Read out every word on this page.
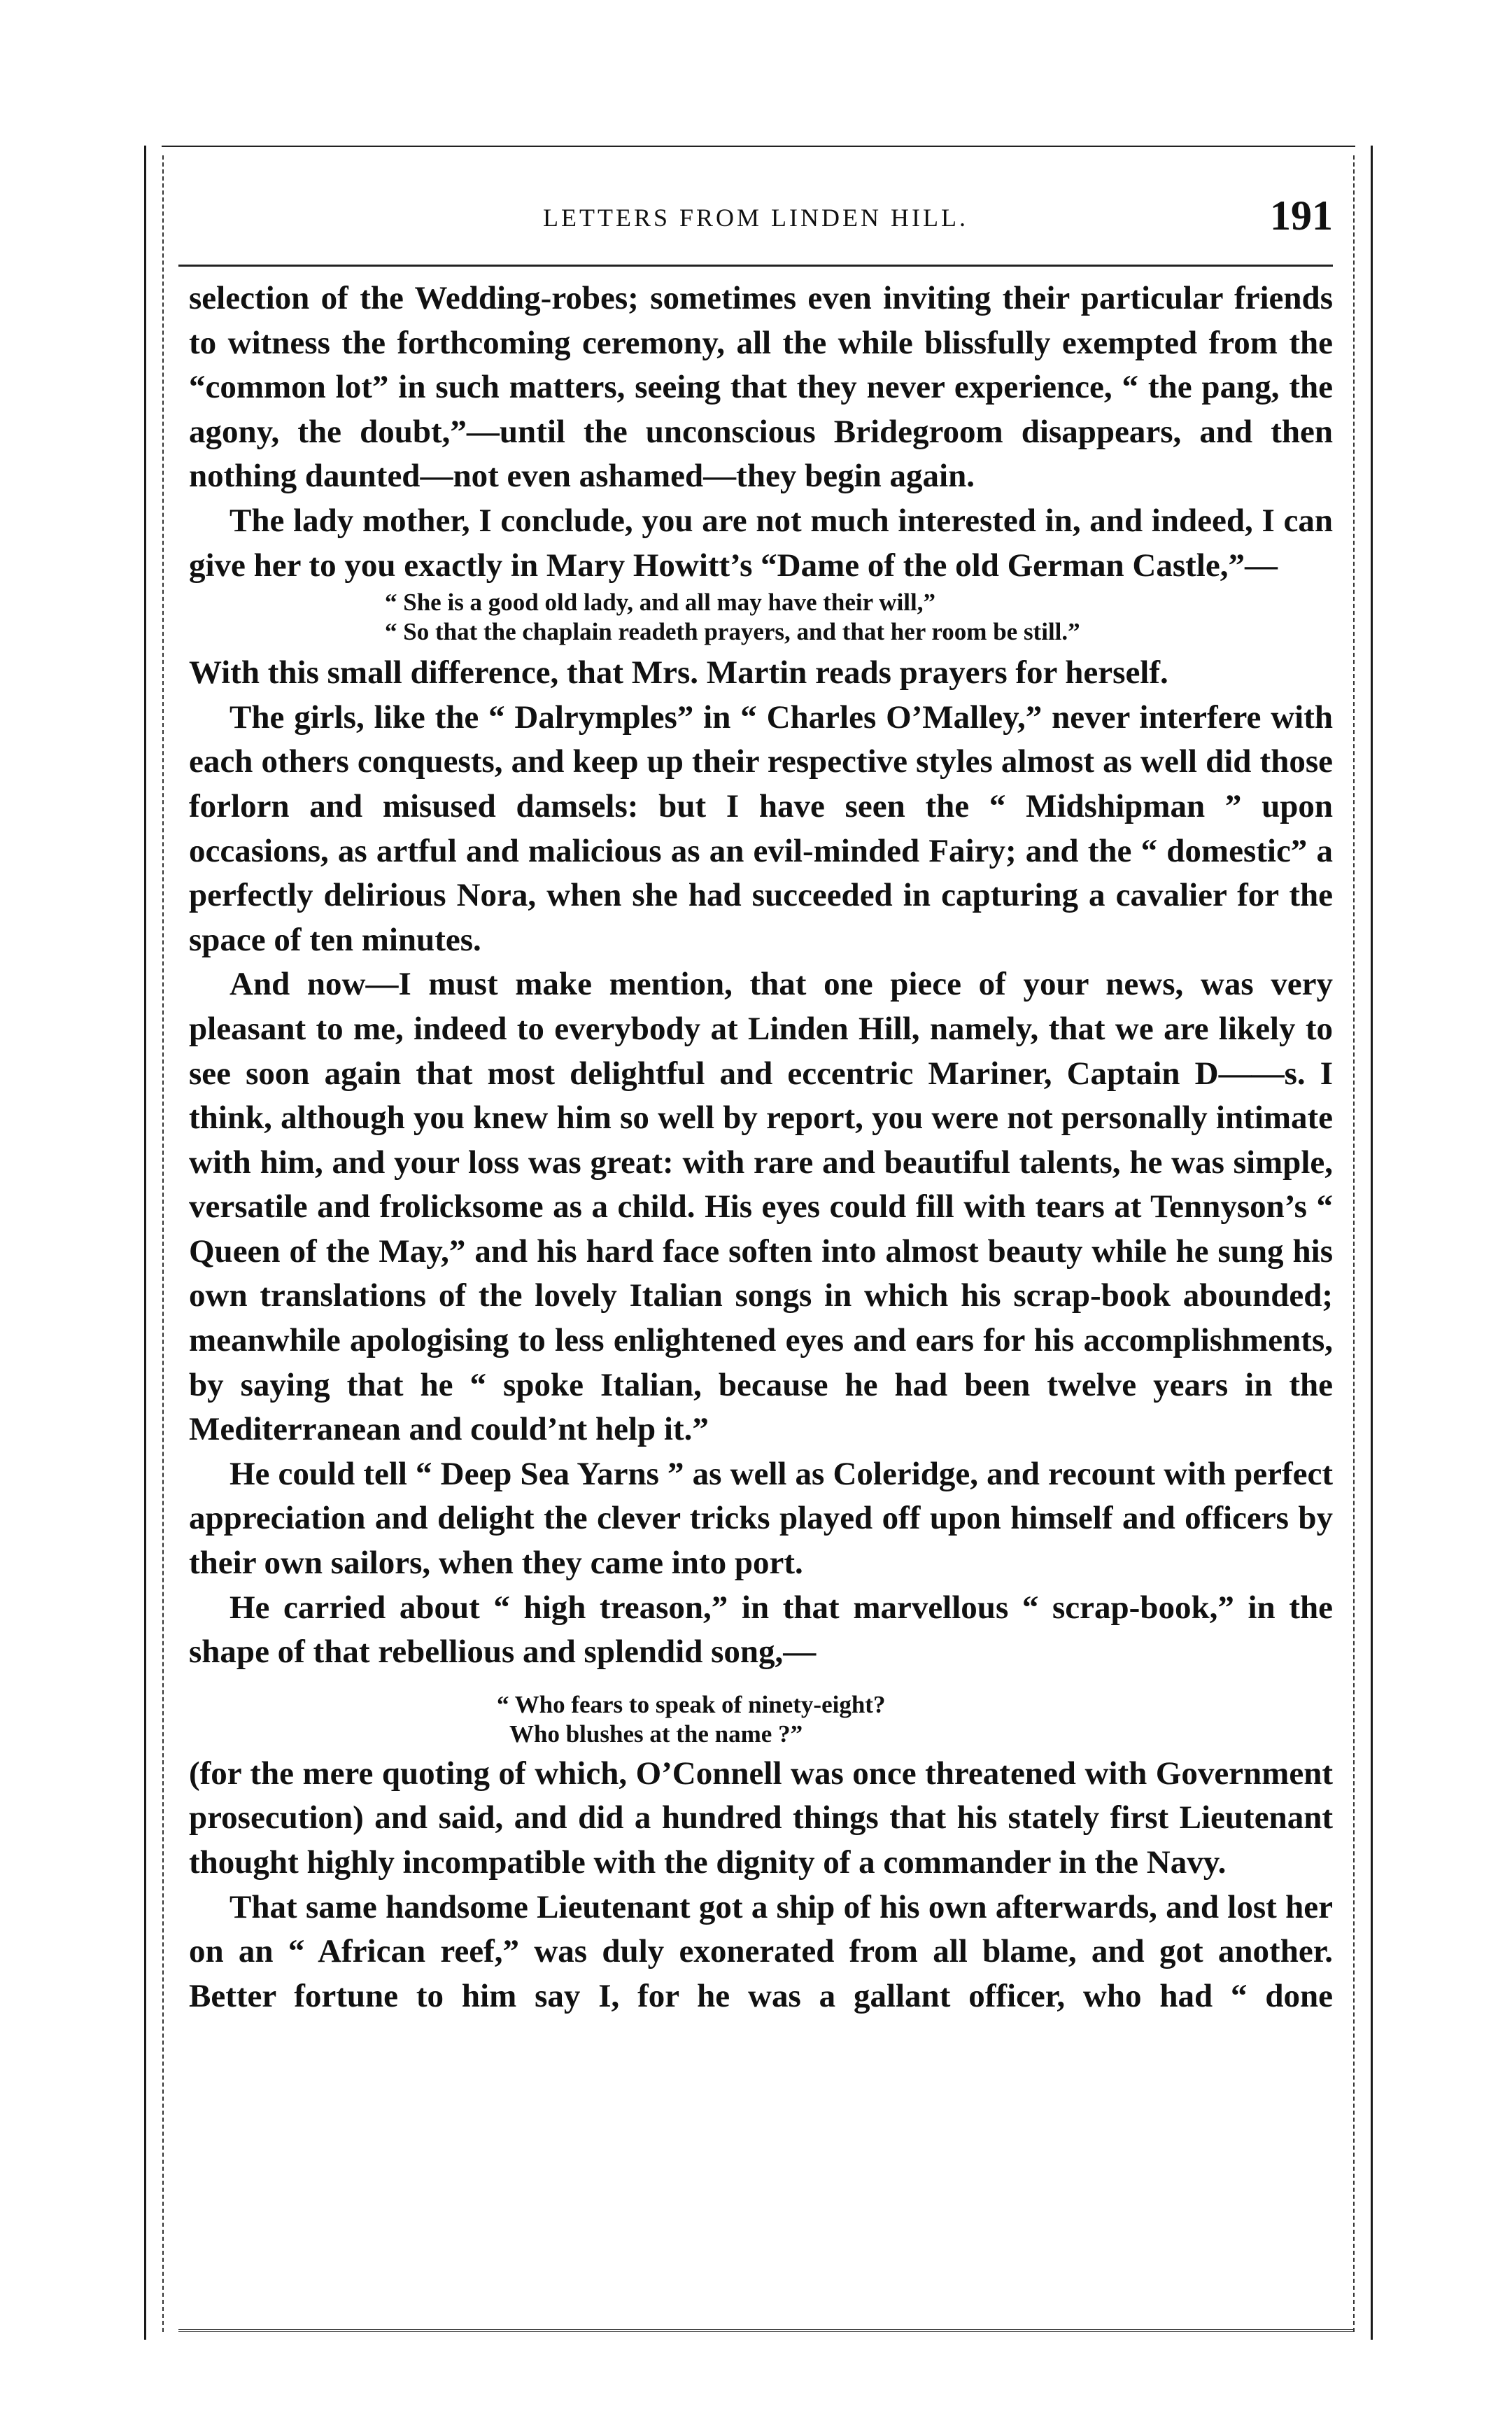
LETTERS FROM LINDEN HILL.	191

selection of the Wedding-robes; sometimes even inviting their particular friends to witness the forthcoming ceremony, all the while blissfully exempted from the “common lot” in such matters, seeing that they never experience, “ the pang, the agony, the doubt,”—until the unconscious Bridegroom disappears, and then nothing daunted—not even ashamed—they begin again.

The lady mother, I conclude, you are not much interested in, and indeed, I can give her to you exactly in Mary Howitt’s “Dame of the old German Castle,”—

“ She is a good old lady, and all may have their will,”
“ So that the chaplain readeth prayers, and that her room be still.”

With this small difference, that Mrs. Martin reads prayers for herself.

The girls, like the “ Dalrymples” in “ Charles O’Malley,” never interfere with each others conquests, and keep up their respective styles almost as well did those forlorn and misused damsels: but I have seen the “ Midshipman ” upon occasions, as artful and malicious as an evil-minded Fairy; and the “ domestic” a perfectly delirious Nora, when she had succeeded in capturing a cavalier for the space of ten minutes.

And now—I must make mention, that one piece of your news, was very pleasant to me, indeed to everybody at Linden Hill, namely, that we are likely to see soon again that most delightful and eccentric Mariner, Captain D——s. I think, although you knew him so well by report, you were not personally intimate with him, and your loss was great: with rare and beautiful talents, he was simple, versatile and frolicksome as a child. His eyes could fill with tears at Tennyson’s “ Queen of the May,” and his hard face soften into almost beauty while he sung his own translations of the lovely Italian songs in which his scrap-book abounded; meanwhile apologising to less enlightened eyes and ears for his accomplishments, by saying that he “ spoke Italian, because he had been twelve years in the Mediterranean and could’nt help it.”

He could tell “ Deep Sea Yarns ” as well as Coleridge, and recount with perfect appreciation and delight the clever tricks played off upon himself and officers by their own sailors, when they came into port.

He carried about “ high treason,” in that marvellous “ scrap-book,” in the shape of that rebellious and splendid song,—

“ Who fears to speak of ninety-eight?
Who blushes at the name ?”

(for the mere quoting of which, O’Connell was once threatened with Government prosecution) and said, and did a hundred things that his stately first Lieutenant thought highly incompatible with the dignity of a commander in the Navy.

That same handsome Lieutenant got a ship of his own afterwards, and lost her on an “ African reef,” was duly exonerated from all blame, and got another. Better fortune to him say I, for he was a gallant officer, who had “ done
